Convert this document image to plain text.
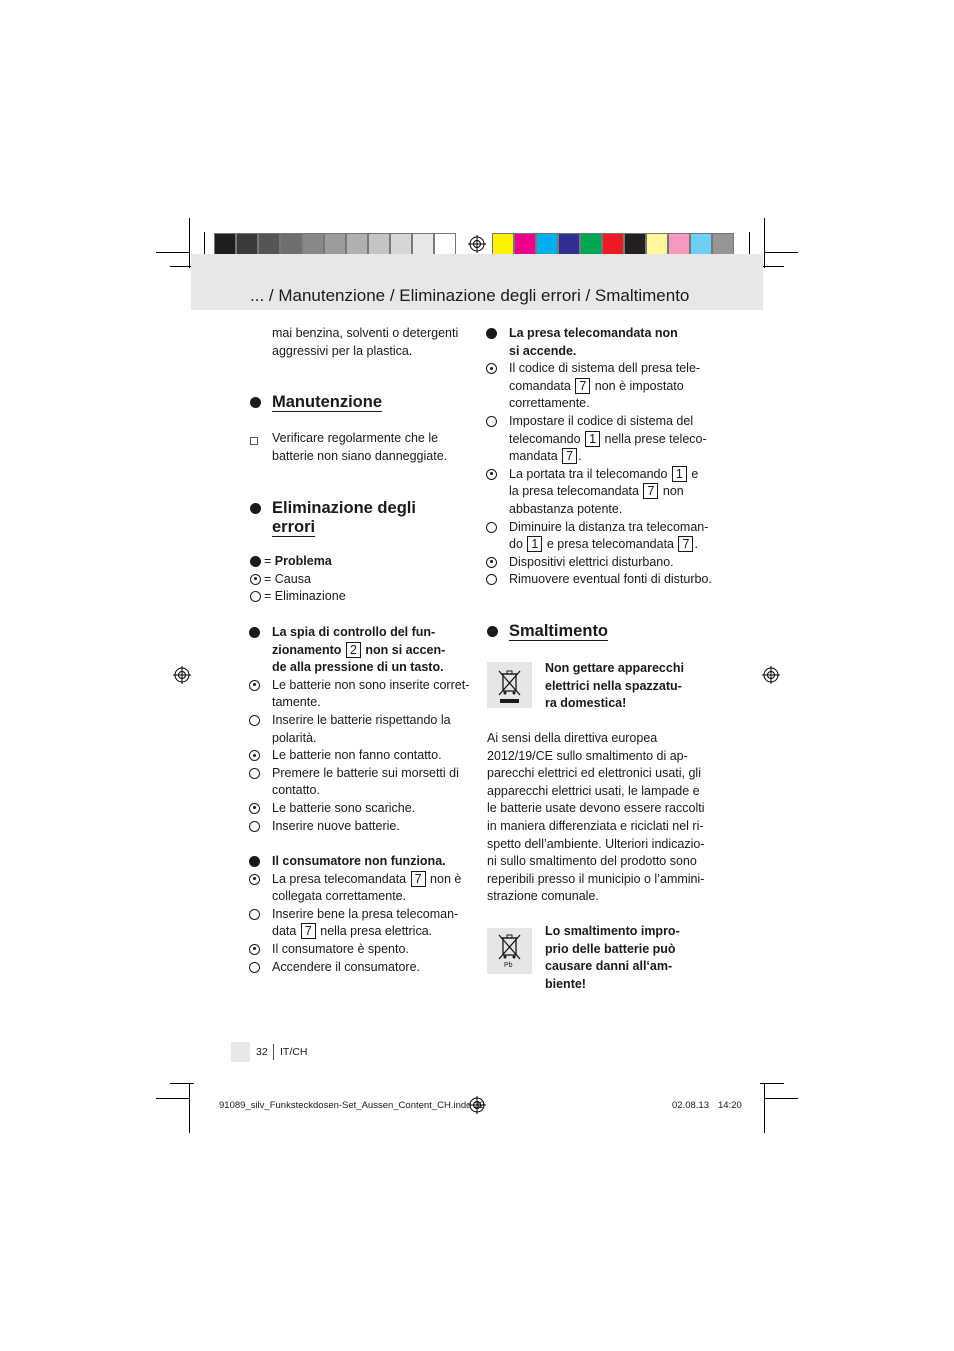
... / Manutenzione / Eliminazione degli errori / Smaltimento

mai benzina, solventi o detergenti

aggressivi per la plastica.

Manutenzione

Verificare regolarmente che le

batterie non siano danneggiate.

Eliminazione degli
errori
= Problema
= Causa
= Eliminazione
La spia di controllo del fun-
zionamento 2 non si accen-
de alla pressione di un tasto.
Le batterie non sono inserite corret-
tamente.
Inserire le batterie rispettando la
polarità.
Le batterie non fanno contatto.
Premere le batterie sui morsetti di
contatto.
Le batterie sono scariche.
Inserire nuove batterie.
Il consumatore non funziona.
La presa telecomandata 7 non è
collegata correttamente.
Inserire bene la presa telecoman-
data 7 nella presa elettrica.
Il consumatore è spento.
Accendere il consumatore.
La presa telecomandata non
si accende.
Il codice di sistema dell presa tele-
comandata 7 non è impostato
correttamente.
Impostare il codice di sistema del
telecomando 1 nella prese teleco-
mandata 7 .
La portata tra il telecomando 1 e
la presa telecomandata 7 non
abbastanza potente.
Diminuire la distanza tra telecoman-
do 1 e presa telecomandata 7 .
Dispositivi elettrici disturbano.
Rimuovere eventual fonti di disturbo.
Smaltimento
Non gettare apparecchi
elettrici nella spazzatu-
ra domestica!
Ai sensi della direttiva europea
2012/19/CE sullo smaltimento di ap-
parecchi elettrici ed elettronici usati, gli
apparecchi elettrici usati, le lampade e
le batterie usate devono essere raccolti
in maniera differenziata e riciclati nel ri-
spetto dell’ambiente. Ulteriori indicazio-
ni sullo smaltimento del prodotto sono
reperibili presso il municipio o l’ammini-
strazione comunale.
Pb
Lo smaltimento impro-
prio delle batterie può
causare danni all‘am-
biente!
32 IT/CH
91089_silv_Funksteckdosen-Set_Aussen_Content_CH.indd 32	02.08.13 14:20
